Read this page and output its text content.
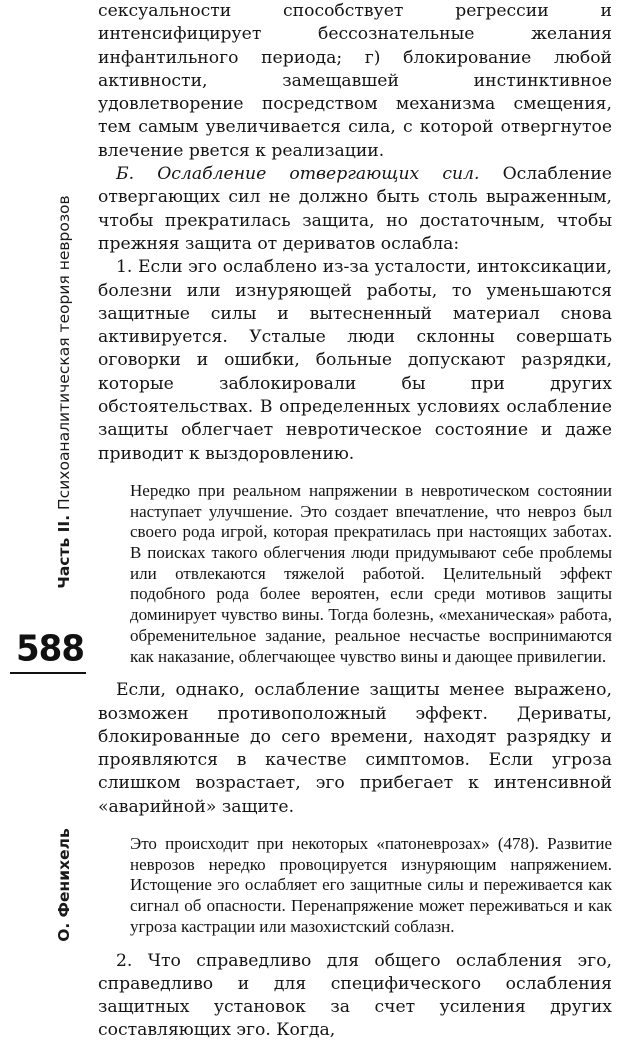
Часть II. Психоаналитическая теория неврозов
588
О. Фенихель

сексуальности способствует регрессии и интенсифицирует бессознательные желания инфантильного периода; г) блокирование любой активности, замещавшей инстинктивное удовлетворение посредством механизма смещения, тем самым увеличивается сила, с которой отвергнутое влечение рвется к реализации.

Б. Ослабление отвергающих сил. Ослабление отвергающих сил не должно быть столь выраженным, чтобы прекратилась защита, но достаточным, чтобы прежняя защита от дериватов ослабла:

1. Если эго ослаблено из-за усталости, интоксикации, болезни или изнуряющей работы, то уменьшаются защитные силы и вытесненный материал снова активируется. Усталые люди склонны совершать оговорки и ошибки, больные допускают разрядки, которые заблокировали бы при других обстоятельствах. В определенных условиях ослабление защиты облегчает невротическое состояние и даже приводит к выздоровлению.

Нередко при реальном напряжении в невротическом состоянии наступает улучшение. Это создает впечатление, что невроз был своего рода игрой, которая прекратилась при настоящих заботах. В поисках такого облегчения люди придумывают себе проблемы или отвлекаются тяжелой работой. Целительный эффект подобного рода более вероятен, если среди мотивов защиты доминирует чувство вины. Тогда болезнь, «механическая» работа, обременительное задание, реальное несчастье воспринимаются как наказание, облегчающее чувство вины и дающее привилегии.

Если, однако, ослабление защиты менее выражено, возможен противоположный эффект. Дериваты, блокированные до сего времени, находят разрядку и проявляются в качестве симптомов. Если угроза слишком возрастает, эго прибегает к интенсивной «аварийной» защите.

Это происходит при некоторых «патоневрозах» (478). Развитие неврозов нередко провоцируется изнуряющим напряжением. Истощение эго ослабляет его защитные силы и переживается как сигнал об опасности. Перенапряжение может переживаться и как угроза кастрации или мазохистский соблазн.

2. Что справедливо для общего ослабления эго, справедливо и для специфического ослабления защитных установок за счет усиления других составляющих эго. Когда,
